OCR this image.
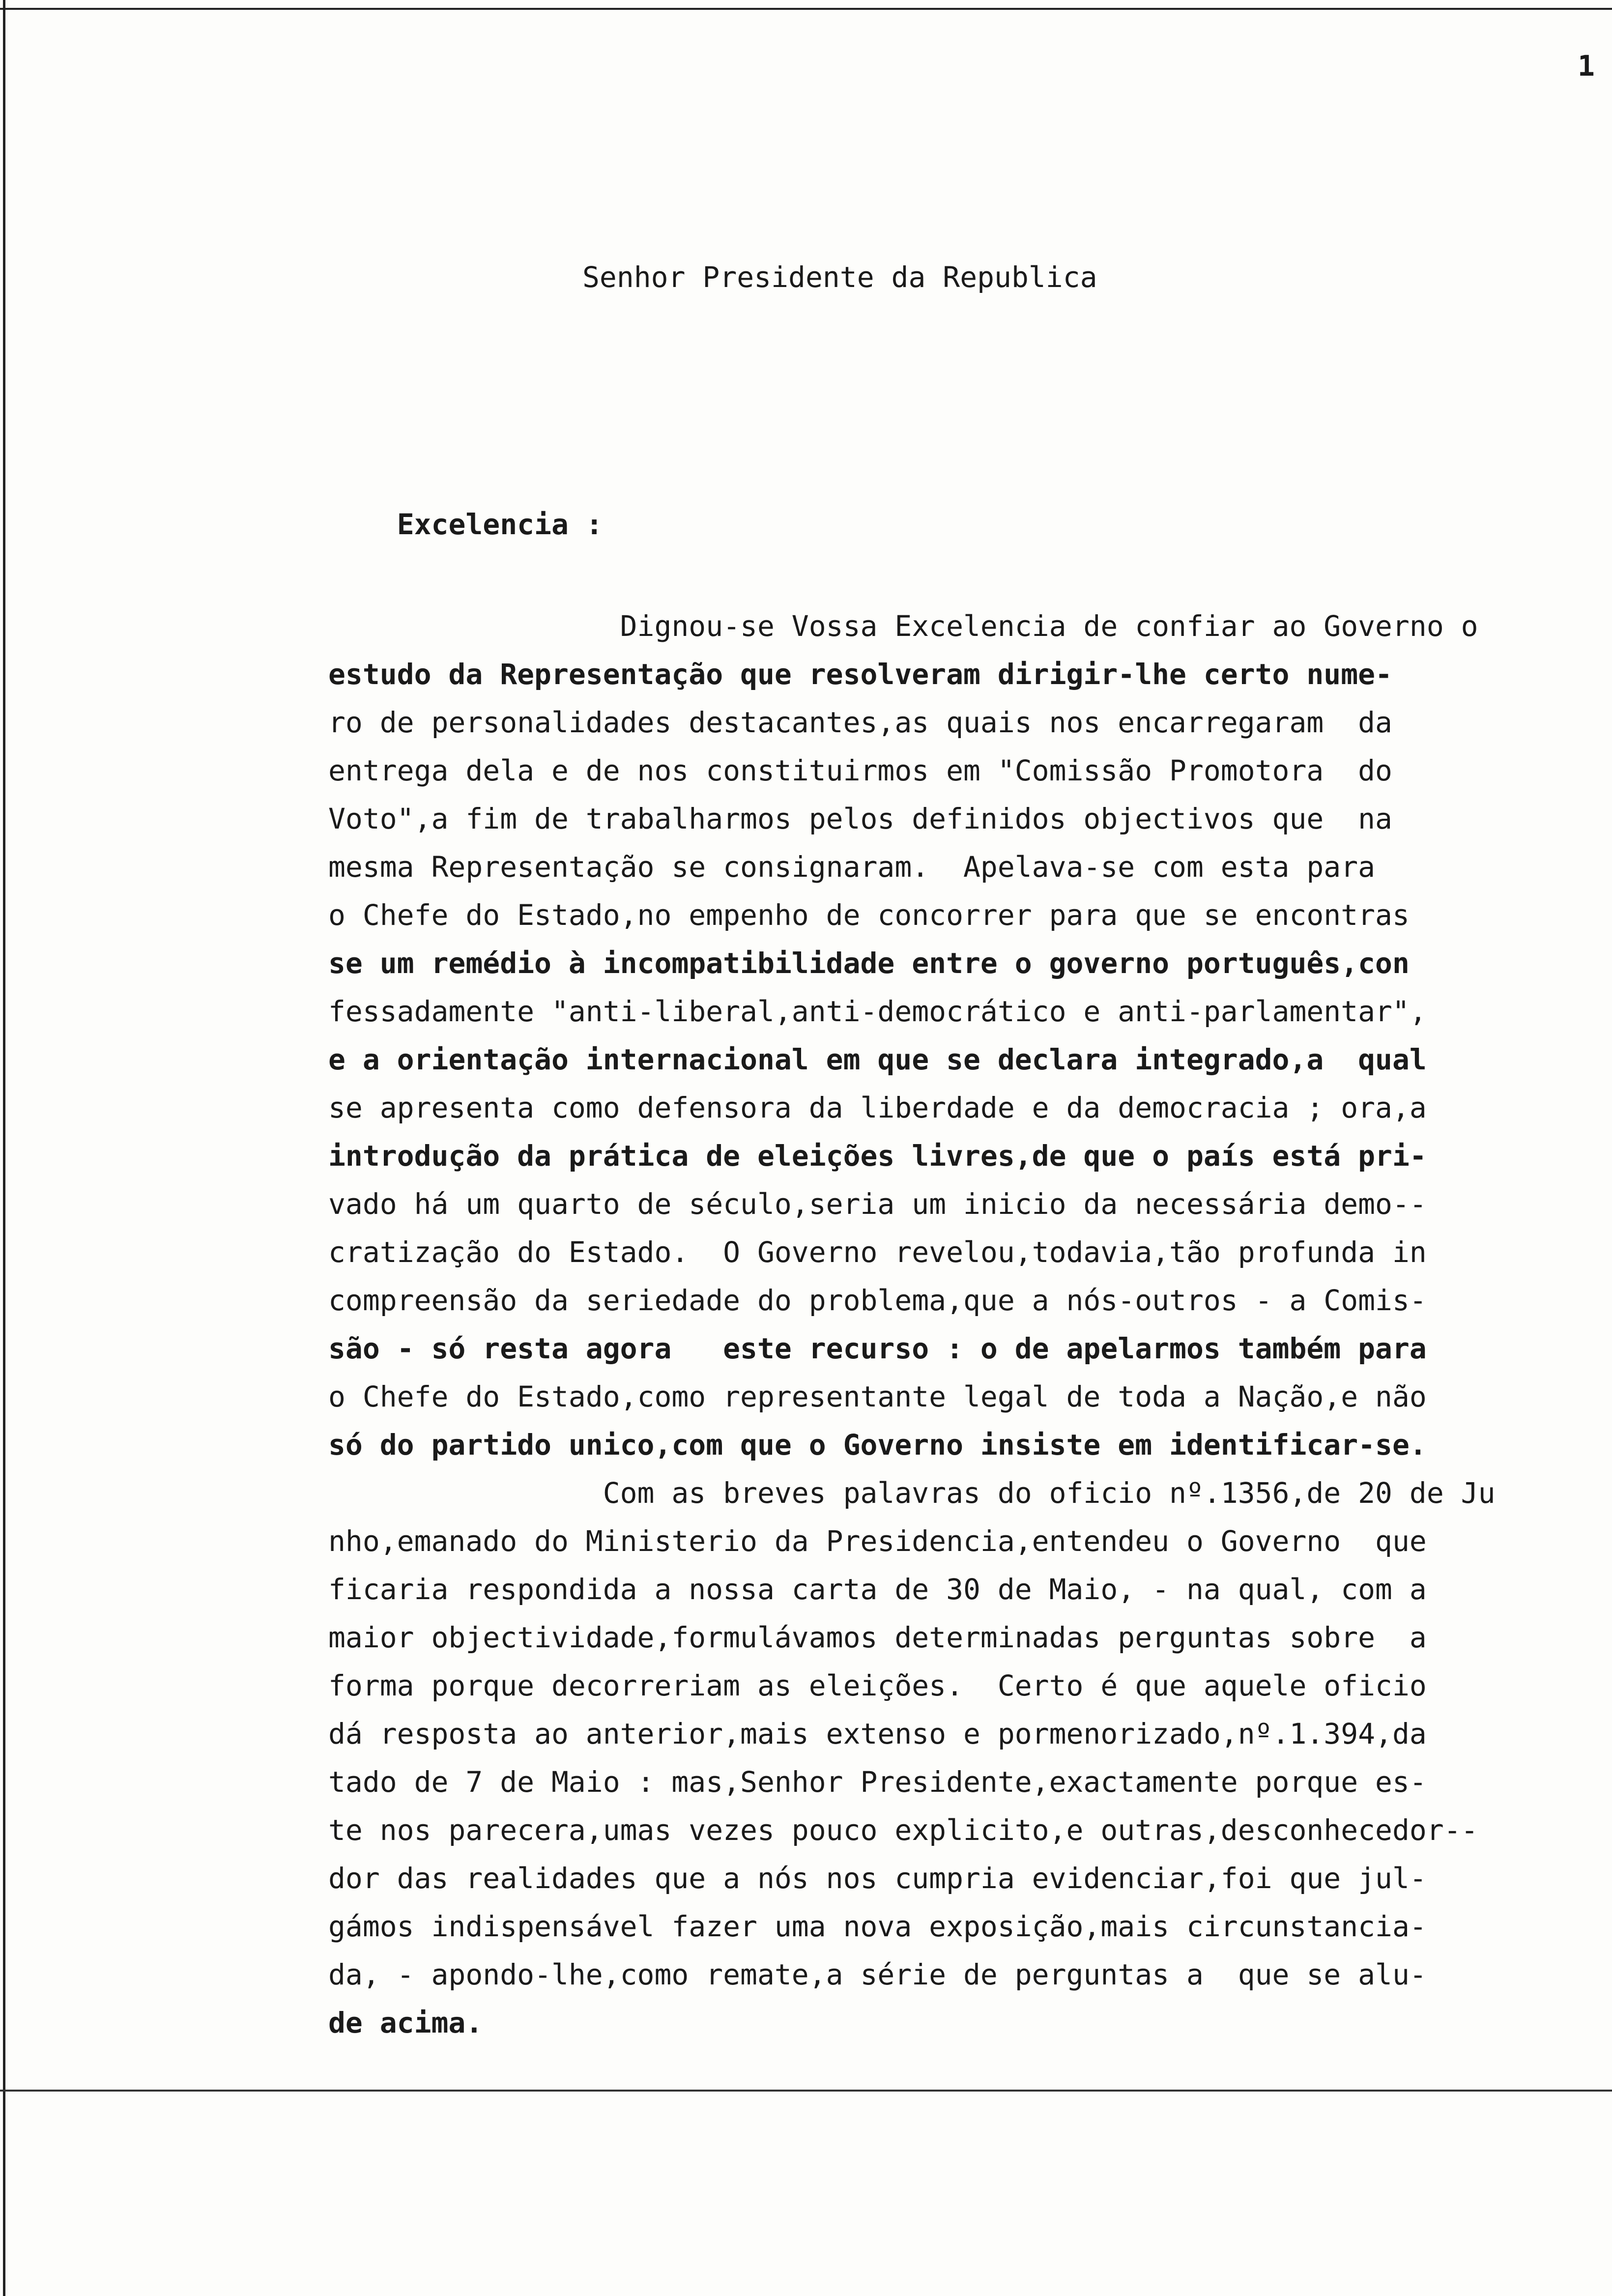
1
Senhor Presidente da Republica

Excelencia :

Dignou-se Vossa Excelencia de confiar ao Governo o
estudo da Representação que resolveram dirigir-lhe certo nume-
ro de personalidades destacantes,as quais nos encarregaram  da
entrega dela e de nos constituirmos em "Comissão Promotora  do
Voto",a fim de trabalharmos pelos definidos objectivos que  na
mesma Representação se consignaram.  Apelava-se com esta para
o Chefe do Estado,no empenho de concorrer para que se encontras
se um remédio à incompatibilidade entre o governo português,con
fessadamente "anti-liberal,anti-democrático e anti-parlamentar",
e a orientação internacional em que se declara integrado,a  qual
se apresenta como defensora da liberdade e da democracia ; ora,a
introdução da prática de eleições livres,de que o país está pri-
vado há um quarto de século,seria um inicio da necessária demo--
cratização do Estado.  O Governo revelou,todavia,tão profunda in
compreensão da seriedade do problema,que a nós-outros - a Comis-
são - só resta agora   este recurso : o de apelarmos também para
o Chefe do Estado,como representante legal de toda a Nação,e não
só do partido unico,com que o Governo insiste em identificar-se.
Com as breves palavras do oficio nº.1356,de 20 de Ju
nho,emanado do Ministerio da Presidencia,entendeu o Governo  que
ficaria respondida a nossa carta de 30 de Maio, - na qual, com a
maior objectividade,formulávamos determinadas perguntas sobre  a
forma porque decorreriam as eleições.  Certo é que aquele oficio
dá resposta ao anterior,mais extenso e pormenorizado,nº.1.394,da
tado de 7 de Maio : mas,Senhor Presidente,exactamente porque es-
te nos parecera,umas vezes pouco explicito,e outras,desconhecedor--
dor das realidades que a nós nos cumpria evidenciar,foi que jul-
gámos indispensável fazer uma nova exposição,mais circunstancia-
da, - apondo-lhe,como remate,a série de perguntas a  que se alu-
de acima.
